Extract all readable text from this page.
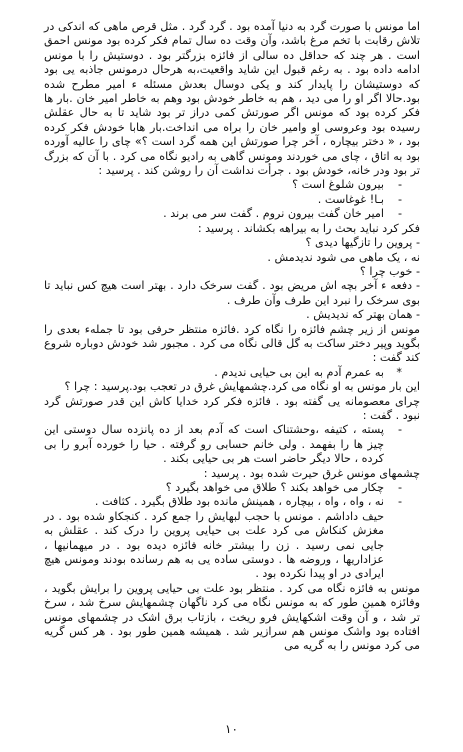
اما مونس با صورت گرد به دنیا آمده بود . گرد گرد . مثل قرص ماهی که اندکی در تلاش رقابت با تخم مرغ باشد، وآن وقت ده سال تمام فکر کرده بود مونس احمق است . هر چند که حداقل ده سالی از فائزه بزرگتر بود . دوستیش را با مونس ادامه داده بود . به رغم قبول این شاید واقعیت،به هرحال درمونس جاذبه یی بود که دوستیشان را پایدار کند و یکی دوسال بعدش مسئله ء امیر مطرح شده بود.حالا اگر او را می دید ، هم به خاطر خودش بود وهم به خاطر امیر خان .بار ها فکر کرده بود که مونس اگر صورتش کمی دراز تر بود شاید تا به حال عقلش رسیده بود وعروسی او وامیر خان را براه می انداخت.بار هابا خودش فکر کرده بود ، « دختر بیچاره ، آخر چرا صورتش این همه گرد است ؟» چای را عالیه آورده بود به اتاق ، چای می خوردند ومونس گاهی به رادیو نگاه می کرد . با آن که بزرگ تر بود ودر خانه، خودش بود . جرأت نداشت آن را روشن کند . پرسید :

- بیرون شلوغ است ؟

- بـا! غوغاست .

- امیر خان گفت بیرون نروم . گفت سر می برند .

فکر کرد نباید بحث را به بیراهه بکشاند . پرسید :

- پروین را تازگیها دیدی ؟

نه ، یک ماهی می شود ندیدمش .

- خوب چرا ؟

- دفعه ء آخر بچه اش مریض بود . گفت سرخک دارد . بهتر است هیچ کس نباید تا بوی سرخک را نبرد این طرف وآن طرف .

- همان بهتر که ندیدیش .

مونس از زیر چشم فائزه را نگاه کرد .فائزه منتظر حرفی بود تا جملهء بعدی را بگوید وپیر دختر ساکت به گل قالی نگاه می کرد . مجبور شد خودش دوباره شروع کند گفت :

* به عمرم آدم به این بی حیایی ندیدم .

این بار مونس به او نگاه می کرد.چشمهایش غرق در تعجب بود.پرسید : چرا ؟

چرای معصومانه یی گفته بود . فائزه فکر کرد خدایا کاش این قدر صورتش گرد نبود . گفت :

- پسته ، کتیفه ،وحشتناک است که آدم بعد از ده پانزده سال دوستی این چیز ها را بفهمد . ولی خانم حسابی رو گرفته . حیا را خورده آبرو را بی کرده ، حالا دیگر حاضر است هر بی حیایی بکند .

چشمهای مونس غرق حیرت شده بود . پرسید :

- چکار می خواهد بکند ؟ طلاق می خواهد بگیرد ؟

- نه ، واه ، واه ، بیچاره ، همینش مانده بود طلاق بگیرد . کثافت .

حیف داداشم . مونس با حجب لبهایش را جمع کرد . کنجکاو شده بود . در مغزش کنکاش می کرد علت بی حیایی پروین را درک کند . عقلش به جایی نمی رسید . زن را بیشتر خانه فائزه دیده بود . در میهمانیها ، عزاداریها ، وروضه ها . دوستی ساده یی به هم رسانده بودند ومونس هیچ ایرادی در او پیدا نکرده بود .

مونس به فائزه نگاه می کرد . منتظر بود علت بی حیایی پروین را برایش بگوید ، وفائزه همین طور که به مونس نگاه می کرد ناگهان چشمهایش سرخ شد ، سرخ تر شد ، و آن وقت اشکهایش فرو ریخت ، بازتاب برق اشک در چشمهای مونس افتاده بود واشک مونس هم سرازیر شد . همیشه همین طور بود . هر کس گریه می کرد مونس را به گریه می

١٠
